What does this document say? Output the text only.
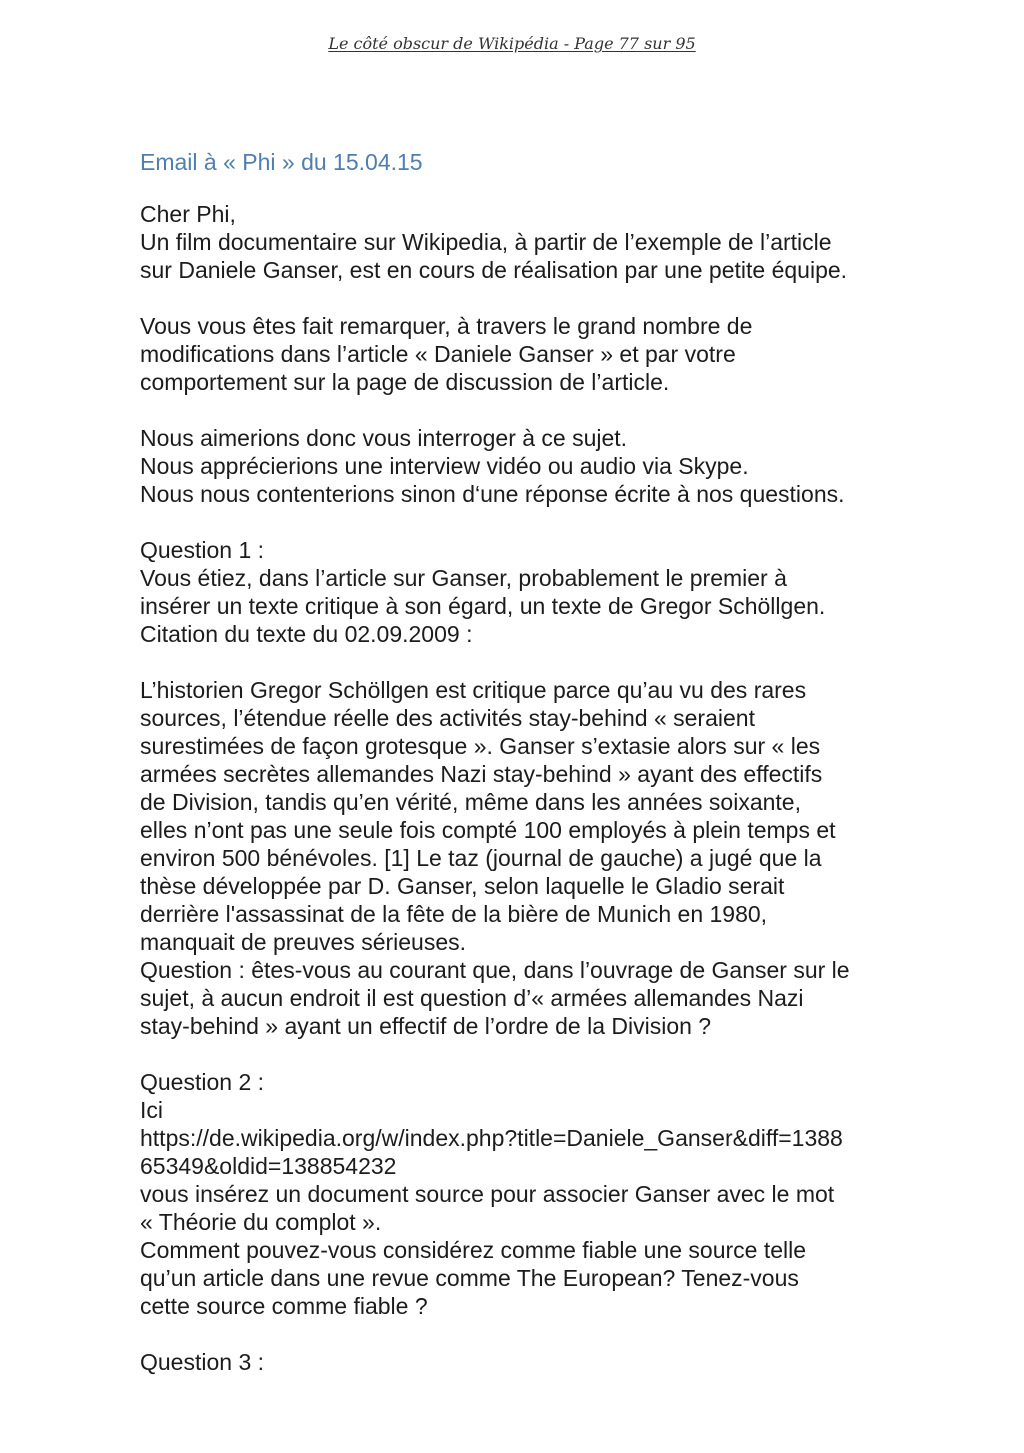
Le côté obscur de Wikipédia - Page 77 sur 95
Email à « Phi » du 15.04.15
Cher Phi,
Un film documentaire sur Wikipedia, à partir de l’exemple de l’article
sur Daniele Ganser, est en cours de réalisation par une petite équipe.
Vous vous êtes fait remarquer, à travers le grand nombre de
modifications dans l’article « Daniele Ganser » et par votre
comportement sur la page de discussion de l’article.
Nous aimerions donc vous interroger à ce sujet.
Nous apprécierions une interview vidéo ou audio via Skype.
Nous nous contenterions sinon d‘une réponse écrite à nos questions.
Question 1 :
Vous étiez, dans l’article sur Ganser, probablement le premier à
insérer un texte critique à son égard, un texte de Gregor Schöllgen.
Citation du texte du 02.09.2009 :
L’historien Gregor Schöllgen est critique parce qu’au vu des rares
sources, l’étendue réelle des activités stay-behind « seraient
surestimées de façon grotesque ». Ganser s’extasie alors sur « les
armées secrètes allemandes Nazi stay-behind » ayant des effectifs
de Division, tandis qu’en vérité, même dans les années soixante,
elles n’ont pas une seule fois compté 100 employés à plein temps et
environ 500 bénévoles. [1] Le taz (journal de gauche) a jugé que la
thèse développée par D. Ganser, selon laquelle le Gladio serait
derrière l'assassinat de la fête de la bière de Munich en 1980,
manquait de preuves sérieuses.
Question : êtes-vous au courant que, dans l’ouvrage de Ganser sur le
sujet, à aucun endroit il est question d’« armées allemandes Nazi
stay-behind » ayant un effectif de l’ordre de la Division ?
Question 2 :
Ici
https://de.wikipedia.org/w/index.php?title=Daniele_Ganser&diff=1388
65349&oldid=138854232
vous insérez un document source pour associer Ganser avec le mot
« Théorie du complot ».
Comment pouvez-vous considérez comme fiable une source telle
qu’un article dans une revue comme The European? Tenez-vous
cette source comme fiable ?
Question 3 :
